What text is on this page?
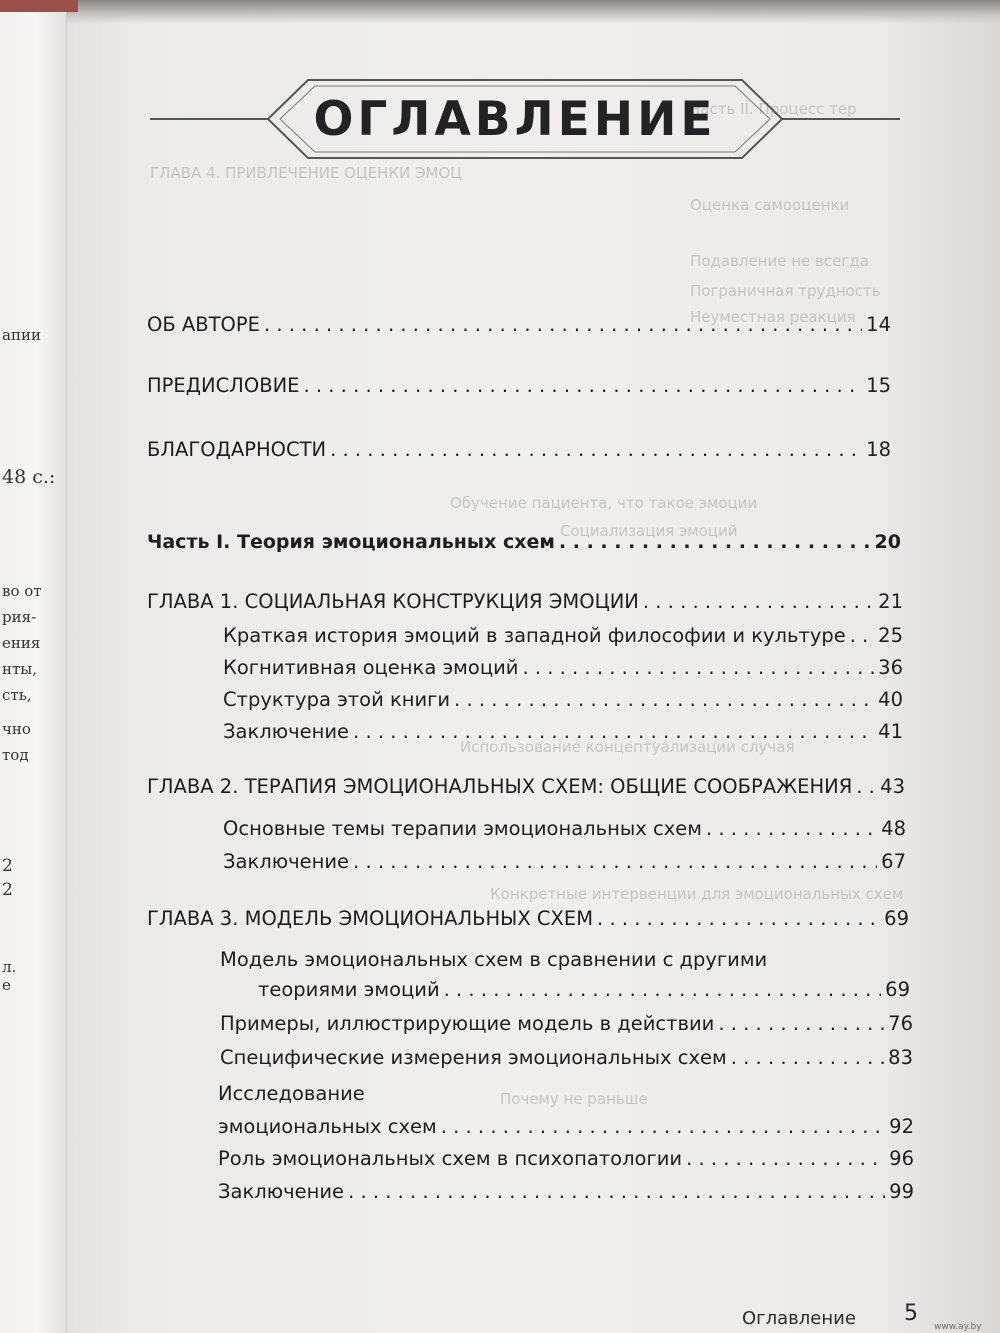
апии
48 с.:
во от
рия-
ения
нты,
сть,
чно
тод
2
2
л.
е
Часть II. Процесс тер
ГЛАВА 4. ПРИВЛЕЧЕНИЕ ОЦЕНКИ ЭМОЦ
Оценка самооценки
Подавление не всегда
Пограничная трудность
Неуместная реакция
Обучение пациента, что такое эмоции
Социализация эмоций
Использование концептуализации случая
Конкретные интервенции для эмоциональных схем
Почему не раньше
ОГЛАВЛЕНИЕ
ОБ АВТОРЕ . . .	14
ПРЕДИСЛОВИЕ . . .	15
БЛАГОДАРНОСТИ . . .	18
Часть I. Теория эмоциональных схем . . .	20
ГЛАВА 1. СОЦИАЛЬНАЯ КОНСТРУКЦИЯ ЭМОЦИИ . . .	21
Краткая история эмоций в западной философии и культуре . . . 25
Когнитивная оценка эмоций . . .	36
Структура этой книги . . .	40
Заключение . . .	41
ГЛАВА 2. ТЕРАПИЯ ЭМОЦИОНАЛЬНЫХ СХЕМ: ОБЩИЕ СООБРАЖЕНИЯ . . . 43
Основные темы терапии эмоциональных схем . . .	48
Заключение . . .	67
ГЛАВА 3. МОДЕЛЬ ЭМОЦИОНАЛЬНЫХ СХЕМ . . .	69
Модель эмоциональных схем в сравнении с другими
теориями эмоций . . .	69
Примеры, иллюстрирующие модель в действии . . .	76
Специфические измерения эмоциональных схем . . .	83
Исследование
эмоциональных схем . . .	92
Роль эмоциональных схем в психопатологии . . .	96
Заключение . . .	99
Оглавление 5
www.ay.by
